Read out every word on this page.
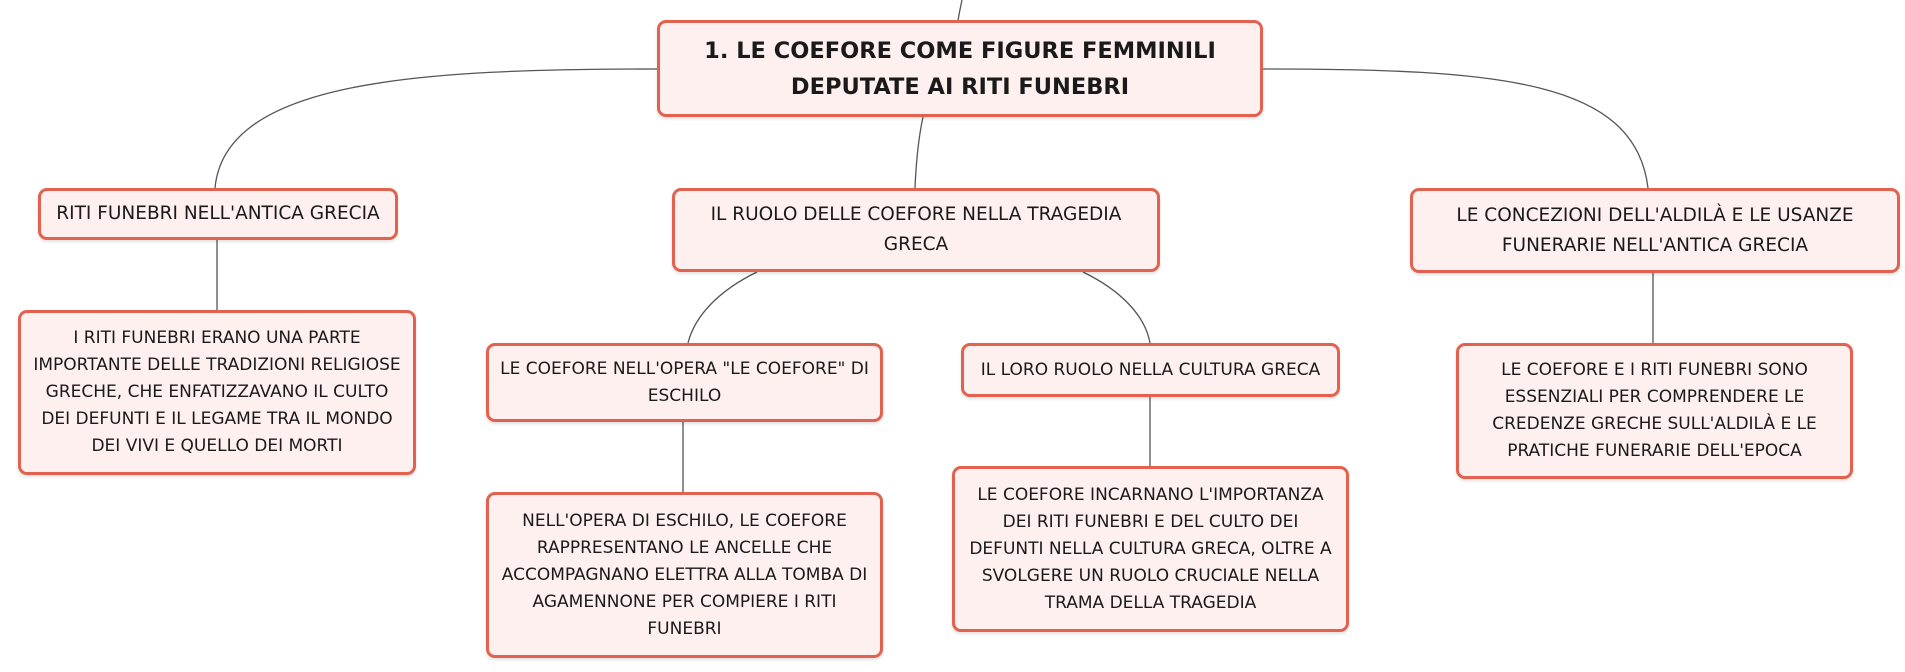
1. LE COEFORE COME FIGURE FEMMINILI DEPUTATE AI RITI FUNEBRI
RITI FUNEBRI NELL'ANTICA GRECIA	IL RUOLO DELLE COEFORE NELLA TRAGEDIA GRECA
LE CONCEZIONI DELL'ALDILÀ E LE USANZE FUNERARIE NELL'ANTICA GRECIA
I RITI FUNEBRI ERANO UNA PARTE IMPORTANTE DELLE TRADIZIONI RELIGIOSE GRECHE, CHE ENFATIZZAVANO IL CULTO DEI DEFUNTI E IL LEGAME TRA IL MONDO DEI VIVI E QUELLO DEI MORTI
LE COEFORE NELL'OPERA "LE COEFORE" DI ESCHILO
IL LORO RUOLO NELLA CULTURA GRECA
NELL'OPERA DI ESCHILO, LE COEFORE RAPPRESENTANO LE ANCELLE CHE ACCOMPAGNANO ELETTRA ALLA TOMBA DI AGAMENNONE PER COMPIERE I RITI FUNEBRI
LE COEFORE INCARNANO L'IMPORTANZA DEI RITI FUNEBRI E DEL CULTO DEI DEFUNTI NELLA CULTURA GRECA, OLTRE A SVOLGERE UN RUOLO CRUCIALE NELLA TRAMA DELLA TRAGEDIA
LE COEFORE E I RITI FUNEBRI SONO ESSENZIALI PER COMPRENDERE LE CREDENZE GRECHE SULL'ALDILÀ E LE PRATICHE FUNERARIE DELL'EPOCA
